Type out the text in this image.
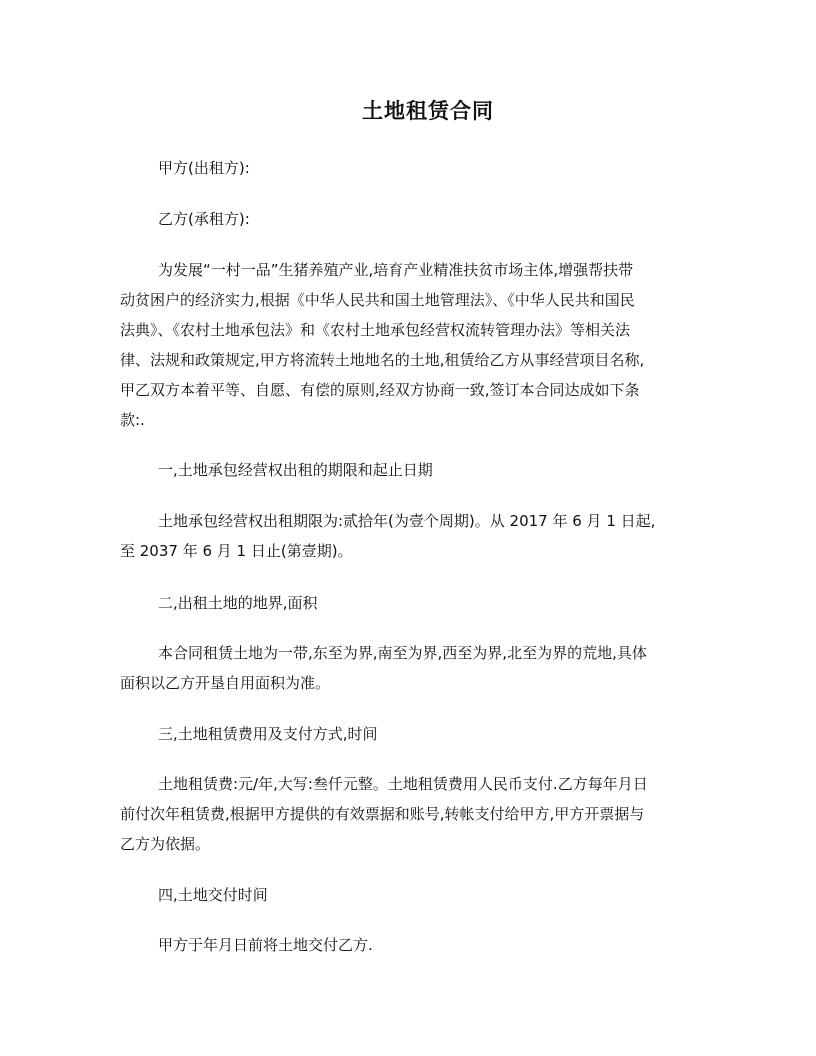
土地租赁合同
甲方(出租方):
乙方(承租方):
为发展“一村一品”生猪养殖产业,培育产业精准扶贫市场主体,增强帮扶带
动贫困户的经济实力,根据《中华人民共和国土地管理法》、《中华人民共和国民
法典》、《农村土地承包法》和《农村土地承包经营权流转管理办法》等相关法
律、法规和政策规定,甲方将流转土地地名的土地,租赁给乙方从事经营项目名称,
甲乙双方本着平等、自愿、有偿的原则,经双方协商一致,签订本合同达成如下条
款:.
一,土地承包经营权出租的期限和起止日期
土地承包经营权出租期限为:贰拾年(为壹个周期)。从 2017 年 6 月 1 日起,
至 2037 年 6 月 1 日止(第壹期)。
二,出租土地的地界,面积
本合同租赁土地为一带,东至为界,南至为界,西至为界,北至为界的荒地,具体
面积以乙方开垦自用面积为准。
三,土地租赁费用及支付方式,时间
土地租赁费:元/年,大写:叁仟元整。土地租赁费用人民币支付.乙方每年月日
前付次年租赁费,根据甲方提供的有效票据和账号,转帐支付给甲方,甲方开票据与
乙方为依据。
四,土地交付时间
甲方于年月日前将土地交付乙方.
